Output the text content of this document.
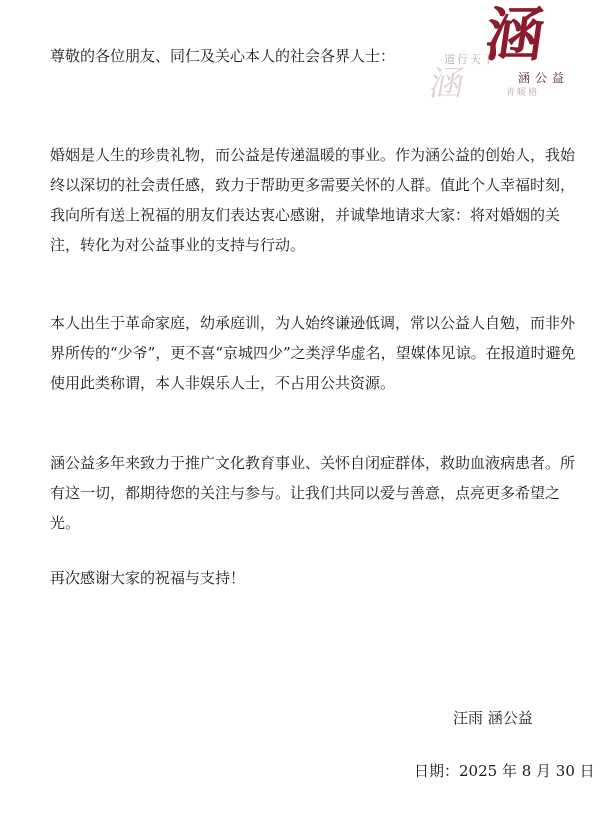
涵
道行天下
涵
涵公益
青暖格
尊敬的各位朋友、同仁及关心本人的社会各界人士：

婚姻是人生的珍贵礼物，而公益是传递温暖的事业。作为涵公益的创始人，我始终以深切的社会责任感，致力于帮助更多需要关怀的人群。值此个人幸福时刻，我向所有送上祝福的朋友们表达衷心感谢，并诚挚地请求大家：将对婚姻的关注，转化为对公益事业的支持与行动。

本人出生于革命家庭，幼承庭训，为人始终谦逊低调，常以公益人自勉，而非外界所传的“少爷”，更不喜“京城四少”之类浮华虚名，望媒体见谅。在报道时避免使用此类称谓，本人非娱乐人士，不占用公共资源。

涵公益多年来致力于推广文化教育事业、关怀自闭症群体，救助血液病患者。所有这一切，都期待您的关注与参与。让我们共同以爱与善意，点亮更多希望之光。

再次感谢大家的祝福与支持！

汪雨 涵公益
日期：2025 年 8 月 30 日
